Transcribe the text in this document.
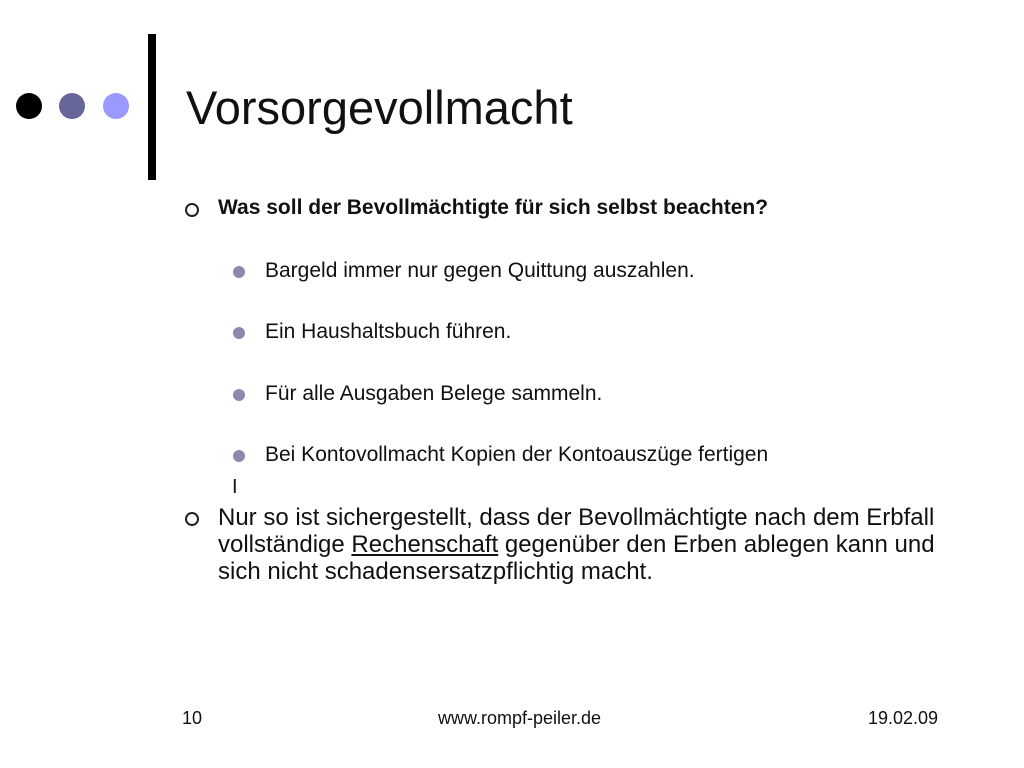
Vorsorgevollmacht
Was soll der Bevollmächtigte für sich selbst beachten?
Bargeld immer nur gegen Quittung auszahlen.
Ein Haushaltsbuch führen.
Für alle Ausgaben Belege sammeln.
Bei Kontovollmacht Kopien der Kontoauszüge fertigen
I
Nur so ist sichergestellt, dass der Bevollmächtigte nach dem Erbfall vollständige Rechenschaft gegenüber den Erben ablegen kann und sich nicht schadensersatzpflichtig macht.
10	www.rompf-peiler.de	19.02.09
